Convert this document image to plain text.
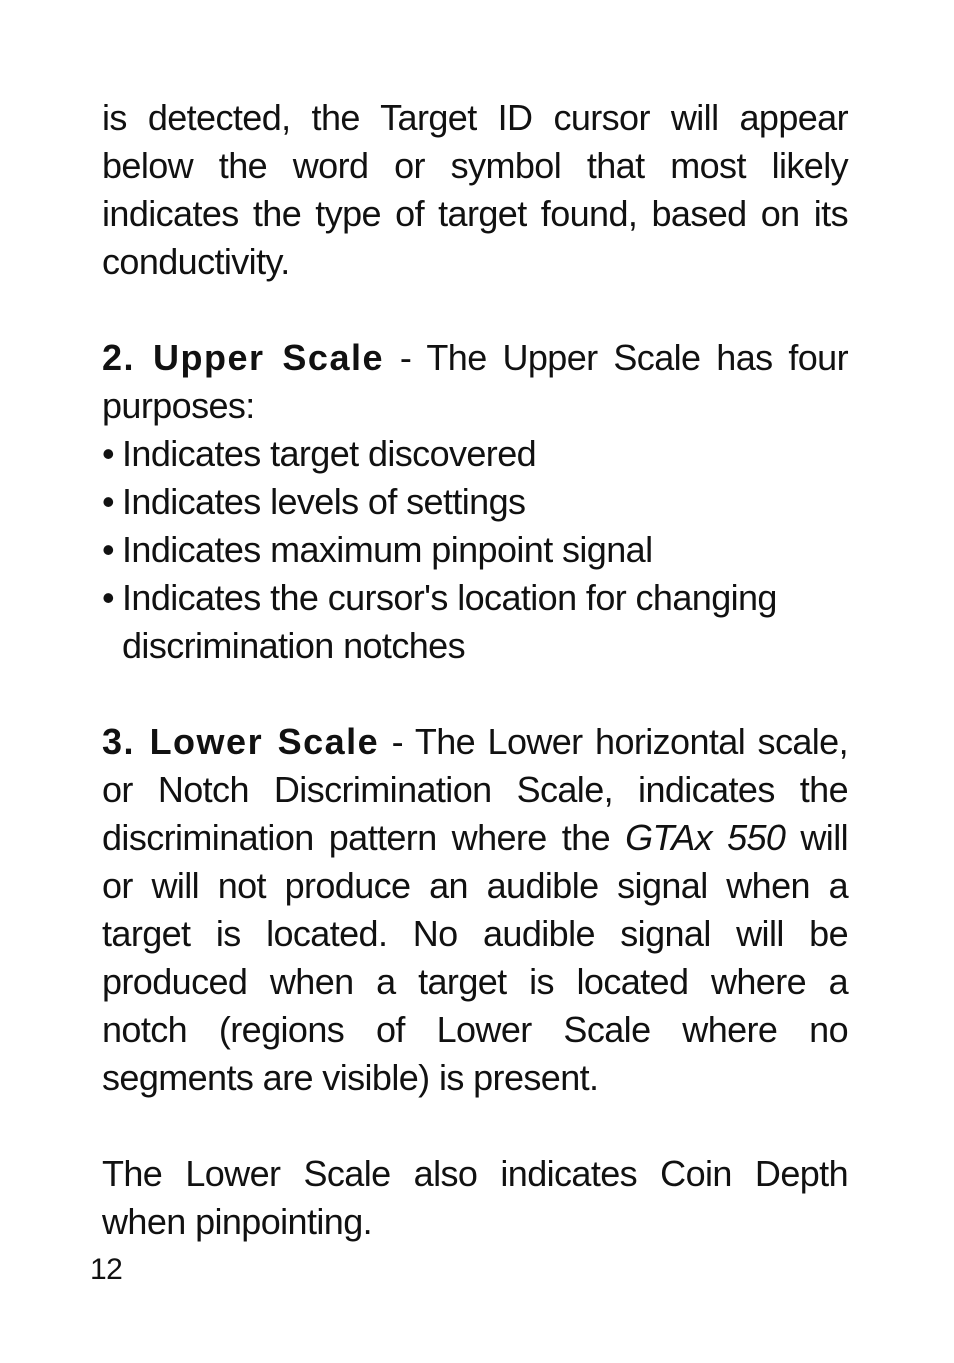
is detected, the Target ID cursor will appear below the word or symbol that most likely indicates the type of target found, based on its conductivity.

2. Upper Scale - The Upper Scale has four purposes:

• Indicates target discovered
• Indicates levels of settings
• Indicates maximum pinpoint signal
• Indicates the cursor's location for changing discrimination notches

3. Lower Scale - The Lower horizontal scale, or Notch Discrimination Scale, indicates the discrimination pattern where the GTAx 550 will or will not produce an audible signal when a target is located. No audible signal will be produced when a target is located where a notch (regions of Lower Scale where no segments are visible) is present.

The Lower Scale also indicates Coin Depth when pinpointing.

12
